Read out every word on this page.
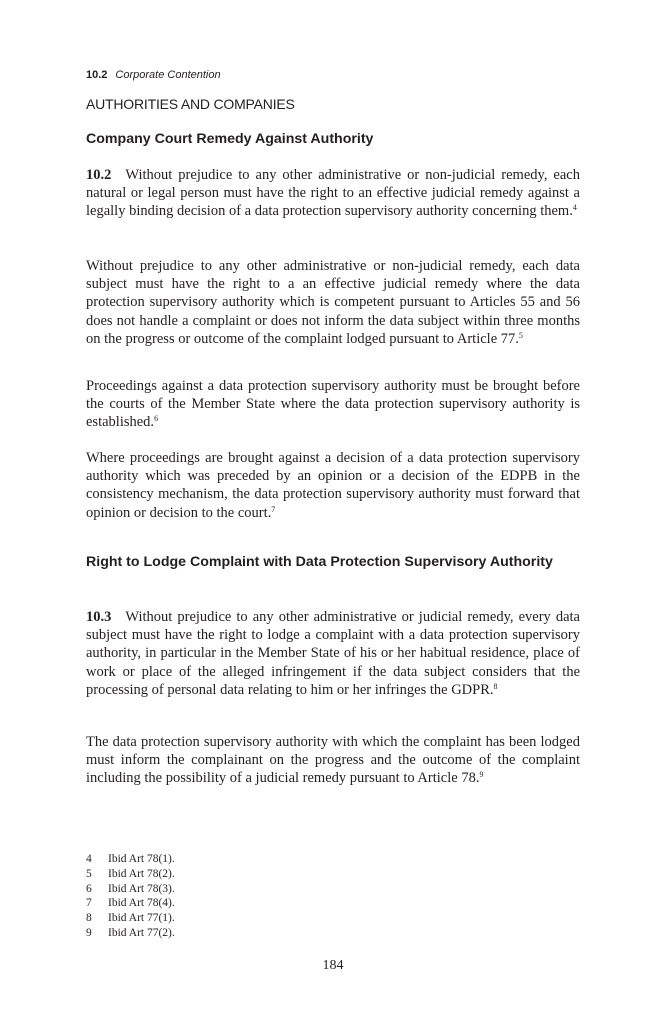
10.2 Corporate Contention
AUTHORITIES AND COMPANIES
Company Court Remedy Against Authority

10.2 Without prejudice to any other administrative or non-judicial remedy, each natural or legal person must have the right to an effective judicial remedy against a legally binding decision of a data protection supervisory authority concerning them.$^4$

Without prejudice to any other administrative or non-judicial remedy, each data subject must have the right to a an effective judicial remedy where the data protection supervisory authority which is competent pursuant to Articles 55 and 56 does not handle a complaint or does not inform the data subject within three months on the progress or outcome of the complaint lodged pursuant to Article 77.$^5$

Proceedings against a data protection supervisory authority must be brought before the courts of the Member State where the data protection supervisory authority is established.$^6$

Where proceedings are brought against a decision of a data protection supervisory authority which was preceded by an opinion or a decision of the EDPB in the consistency mechanism, the data protection supervisory authority must forward that opinion or decision to the court.$^7$

Right to Lodge Complaint with Data Protection Supervisory Authority

10.3 Without prejudice to any other administrative or judicial remedy, every data subject must have the right to lodge a complaint with a data protection supervisory authority, in particular in the Member State of his or her habitual residence, place of work or place of the alleged infringement if the data subject considers that the processing of personal data relating to him or her infringes the GDPR.$^8$

The data protection supervisory authority with which the complaint has been lodged must inform the complainant on the progress and the outcome of the complaint including the possibility of a judicial remedy pursuant to Article 78.$^9$

4	Ibid Art 78(1).
5	Ibid Art 78(2).
6	Ibid Art 78(3).
7	Ibid Art 78(4).
8	Ibid Art 77(1).
9	Ibid Art 77(2).
184
